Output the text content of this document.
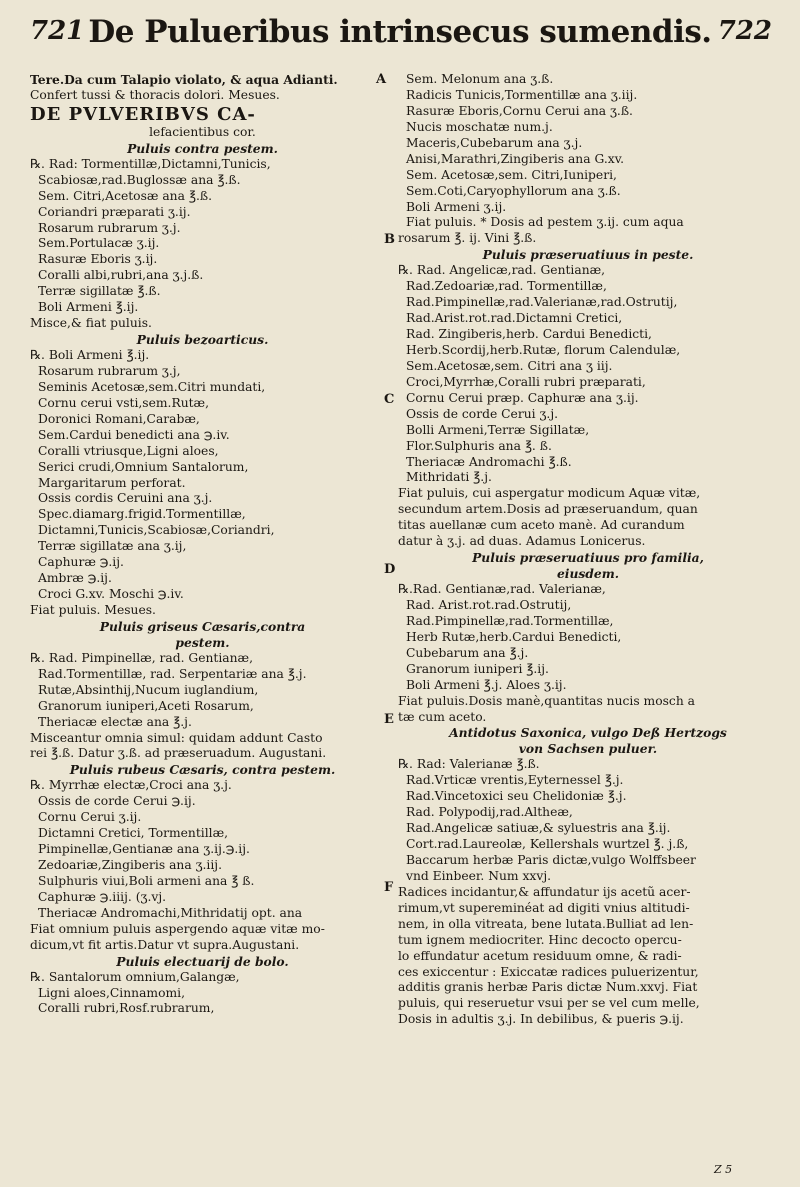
721 De Pulueribus intrinsecus sumendis. 722
Tere.Da cum Talapio violato, & aqua Adianti.
Confert tussi & thoracis dolori. Mesues.
DE PVLVERIBVS CA-
lefacientibus cor.
Puluis contra pestem.
℞. Rad: Tormentillæ,Dictamni,Tunicis,
Scabiosæ,rad.Buglossæ ana ℥.ß.
Sem. Citri,Acetosæ ana ℥.ß.
Coriandri præparati ʒ.ij.
Rosarum rubrarum ʒ.j.
Sem.Portulacæ ʒ.ij.
Rasuræ Eboris ʒ.ij.
Coralli albi,rubri,ana ʒ.j.ß.
Terræ sigillatæ ℥.ß.
Boli Armeni ℥.ij.
Misce,& fiat puluis.
Puluis bezoarticus.
℞. Boli Armeni ℥.ij.
Rosarum rubrarum ʒ.j,
Seminis Acetosæ,sem.Citri mundati,
Cornu cerui vsti,sem.Rutæ,
Doronici Romani,Carabæ,
Sem.Cardui benedicti ana ℈.iv.
Coralli vtriusque,Ligni aloes,
Serici crudi,Omnium Santalorum,
Margaritarum perforat.
Ossis cordis Ceruini ana ʒ.j.
Spec.diamarg.frigid.Tormentillæ,
Dictamni,Tunicis,Scabiosæ,Coriandri,
Terræ sigillatæ ana ʒ.ij,
Caphuræ ℈.ij.
Ambræ ℈.ij.
Croci G.xv. Moschi ℈.iv.
Fiat puluis. Mesues.
Puluis griseus Cæsaris,contra
pestem.
℞. Rad. Pimpinellæ, rad. Gentianæ,
Rad.Tormentillæ, rad. Serpentariæ ana ℥.j.
Rutæ,Absinthij,Nucum iuglandium,
Granorum iuniperi,Aceti Rosarum,
Theriacæ electæ ana ℥.j.
Misceantur omnia simul: quidam addunt Casto
rei ℥.ß. Datur ʒ.ß. ad præseruadum. Augustani.
Puluis rubeus Cæsaris, contra pestem.
℞. Myrrhæ electæ,Croci ana ʒ.j.
Ossis de corde Cerui ℈.ij.
Cornu Cerui ʒ.ij.
Dictamni Cretici, Tormentillæ,
Pimpinellæ,Gentianæ ana ʒ.ij.℈.ij.
Zedoariæ,Zingiberis ana ʒ.iij.
Sulphuris viui,Boli armeni ana ℥ ß.
Caphuræ ℈.iiij. (ʒ.vj.
Theriacæ Andromachi,Mithridatij opt. ana
Fiat omnium puluis aspergendo aquæ vitæ mo-
dicum,vt fit artis.Datur vt supra.Augustani.
Puluis electuarij de bolo.
℞. Santalorum omnium,Galangæ,
Ligni aloes,Cinnamomi,
Coralli rubri,Rosf.rubrarum,
Sem. Melonum ana ʒ.ß.
Radicis Tunicis,Tormentillæ ana ʒ.iij.
Rasuræ Eboris,Cornu Cerui ana ʒ.ß.
Nucis moschatæ num.j.
Maceris,Cubebarum ana ʒ.j.
Anisi,Marathri,Zingiberis ana G.xv.
Sem. Acetosæ,sem. Citri,Iuniperi,
Sem.Coti,Caryophyllorum ana ʒ.ß.
Boli Armeni ʒ.ij.
Fiat puluis. * Dosis ad pestem ʒ.ij. cum aqua
rosarum ℥. ij. Vini ℥.ß.
Puluis præseruatiuus in peste.
℞. Rad. Angelicæ,rad. Gentianæ,
Rad.Zedoariæ,rad. Tormentillæ,
Rad.Pimpinellæ,rad.Valerianæ,rad.Ostrutij,
Rad.Arist.rot.rad.Dictamni Cretici,
Rad. Zingiberis,herb. Cardui Benedicti,
Herb.Scordij,herb.Rutæ, florum Calendulæ,
Sem.Acetosæ,sem. Citri ana ʒ iij.
Croci,Myrrhæ,Coralli rubri præparati,
Cornu Cerui præp. Caphuræ ana ʒ.ij.
Ossis de corde Cerui ʒ.j.
Bolli Armeni,Terræ Sigillatæ,
Flor.Sulphuris ana ℥. ß.
Theriacæ Andromachi ℥.ß.
Mithridati ℥.j.
Fiat puluis, cui aspergatur modicum Aquæ vitæ,
secundum artem.Dosis ad præseruandum, quan
titas auellanæ cum aceto manè. Ad curandum
datur à ʒ.j. ad duas. Adamus Lonicerus.
Puluis præseruatiuus pro familia,
eiusdem.
℞.Rad. Gentianæ,rad. Valerianæ,
Rad. Arist.rot.rad.Ostrutij,
Rad.Pimpinellæ,rad.Tormentillæ,
Herb Rutæ,herb.Cardui Benedicti,
Cubebarum ana ℥.j.
Granorum iuniperi ℥.ij.
Boli Armeni ℥.j. Aloes ʒ.ij.
Fiat puluis.Dosis manè,quantitas nucis mosch a
tæ cum aceto.
Antidotus Saxonica, vulgo Deß Hertzogs
von Sachsen puluer.
℞. Rad: Valerianæ ℥.ß.
Rad.Vrticæ vrentis,Eyternessel ℥.j.
Rad.Vincetoxici seu Chelidoniæ ℥.j.
Rad. Polypodij,rad.Altheæ,
Rad.Angelicæ satiuæ,& syluestris ana ℥.ij.
Cort.rad.Laureolæ, Kellershals wurtzel ℥. j.ß,
Baccarum herbæ Paris dictæ,vulgo Wolffsbeer
vnd Einbeer. Num xxvj.
Radices incidantur,& affundatur ijs acetũ acer-
rimum,vt supereminéat ad digiti vnius altitudi-
nem, in olla vitreata, bene lutata.Bulliat ad len-
tum ignem mediocriter. Hinc decocto opercu-
lo effundatur acetum residuum omne, & radi-
ces exiccentur : Exiccatæ radices puluerizentur,
additis granis herbæ Paris dictæ Num.xxvj. Fiat
puluis, qui reseruetur vsui per se vel cum melle,
Dosis in adultis ʒ.j. In debilibus, & pueris ℈.ij.
A
B
C
D
E
F
Z 5
